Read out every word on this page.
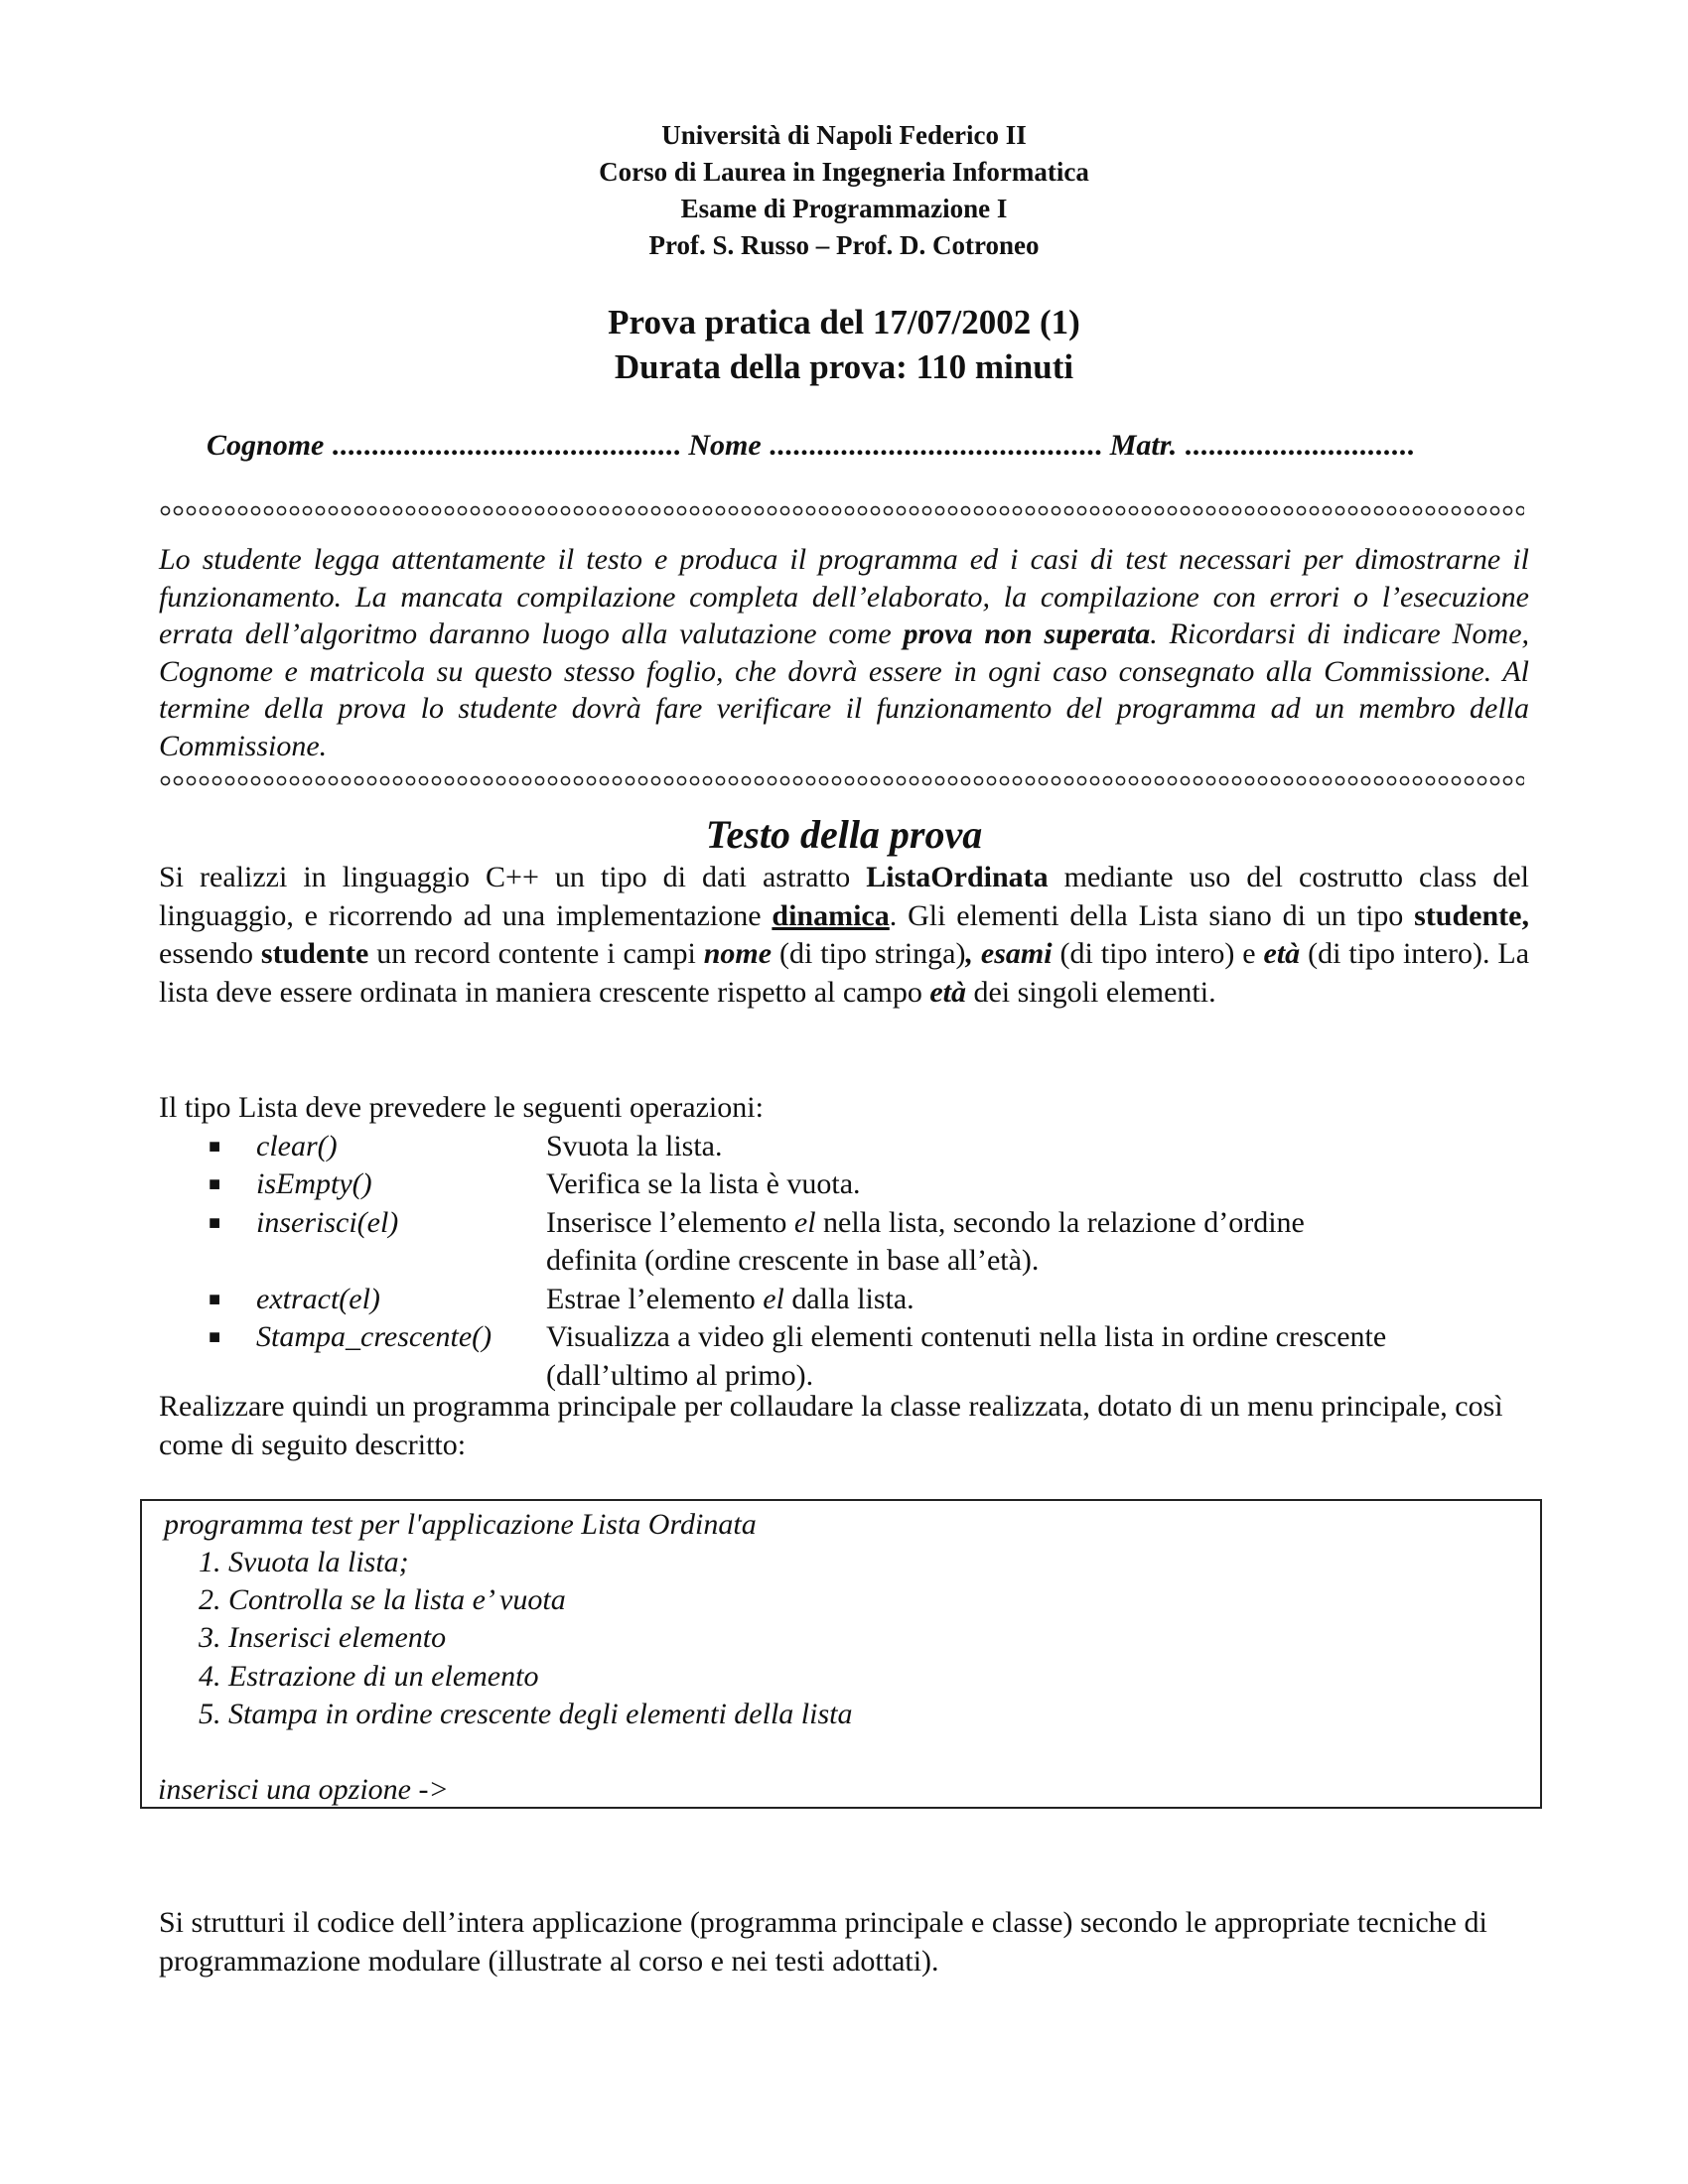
Università di Napoli Federico II
Corso di Laurea in Ingegneria Informatica
Esame di Programmazione I
Prof. S. Russo – Prof. D. Cotroneo
Prova pratica del 17/07/2002 (1)
Durata della prova: 110 minuti
Cognome ............................................ Nome .......................................... Matr. .............................
Lo studente legga attentamente il testo e produca il programma ed i casi di test necessari per dimostrarne il funzionamento. La mancata compilazione completa dell’elaborato, la compilazione con errori o l’esecuzione errata dell’algoritmo daranno luogo alla valutazione come prova non superata. Ricordarsi di indicare Nome, Cognome e matricola su questo stesso foglio, che dovrà essere in ogni caso consegnato alla Commissione. Al termine della prova lo studente dovrà fare verificare il funzionamento del programma ad un membro della Commissione.
Testo della prova

Si realizzi in linguaggio C++ un tipo di dati astratto ListaOrdinata mediante uso del costrutto class del linguaggio, e ricorrendo ad una implementazione dinamica. Gli elementi della Lista siano di un tipo studente, essendo studente un record contente i campi nome (di tipo stringa), esami (di tipo intero) e età (di tipo intero). La lista deve essere ordinata in maniera crescente rispetto al campo età dei singoli elementi.

Il tipo Lista deve prevedere le seguenti operazioni:

■	clear()	Svuota la lista.
■	isEmpty()	Verifica se la lista è vuota.
■	inserisci(el)	Inserisce l’elemento el nella lista, secondo la relazione d’ordine definita (ordine crescente in base all’età).
■	extract(el)	Estrae l’elemento el dalla lista.
■	Stampa_crescente()	Visualizza a video gli elementi contenuti nella lista in ordine crescente (dall’ultimo al primo).
Realizzare quindi un programma principale per collaudare la classe realizzata, dotato di un menu principale, così come di seguito descritto:
programma test per l'applicazione Lista Ordinata
1. Svuota la lista;
2. Controlla se la lista e’ vuota
3. Inserisci elemento
4. Estrazione di un elemento
5. Stampa in ordine crescente degli elementi della lista
inserisci una opzione ->
Si strutturi il codice dell’intera applicazione (programma principale e classe) secondo le appropriate tecniche di programmazione modulare (illustrate al corso e nei testi adottati).
